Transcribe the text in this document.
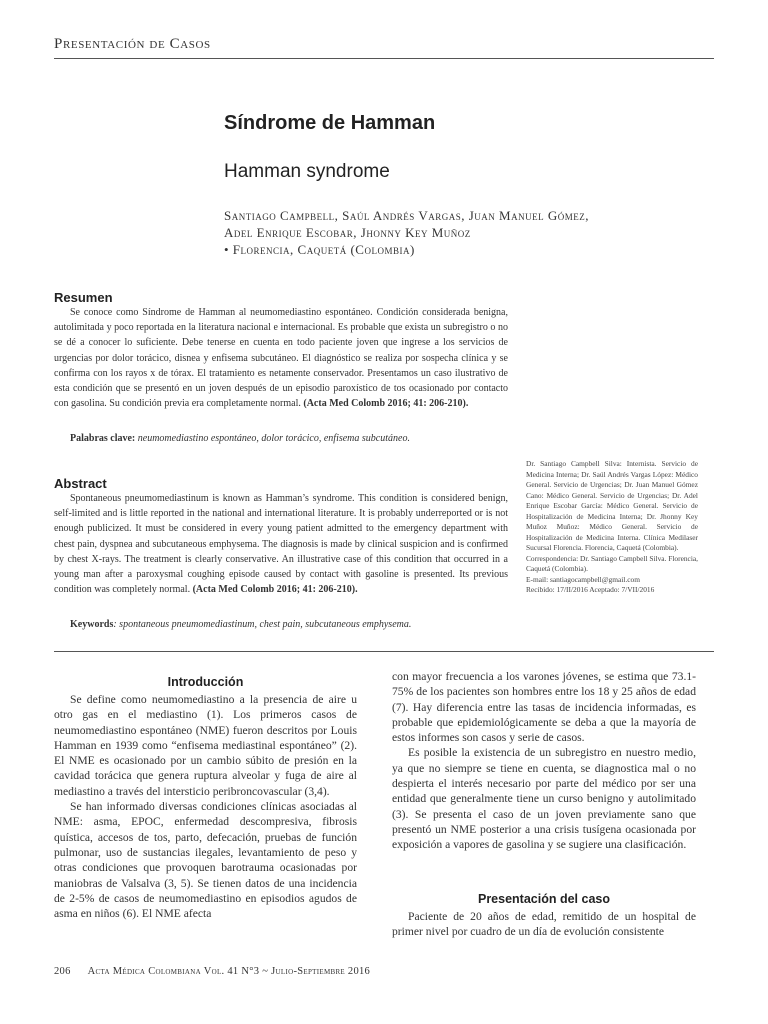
Presentación de Casos
Síndrome de Hamman
Hamman syndrome
Santiago Campbell, Saúl Andrés Vargas, Juan Manuel Gómez,
Adel Enrique Escobar, Jhonny Key Muñoz
• Florencia, Caquetá (Colombia)
Resumen

Se conoce como Síndrome de Hamman al neumomediastino espontáneo. Condición considerada benigna, autolimitada y poco reportada en la literatura nacional e internacional. Es probable que exista un subregistro o no se dé a conocer lo suficiente. Debe tenerse en cuenta en todo paciente joven que ingrese a los servicios de urgencias por dolor torácico, disnea y enfisema subcutáneo. El diagnóstico se realiza por sospecha clínica y se confirma con los rayos x de tórax. El tratamiento es netamente conservador. Presentamos un caso ilustrativo de esta condición que se presentó en un joven después de un episodio paroxístico de tos ocasionado por contacto con gasolina. Su condición previa era completamente normal. (Acta Med Colomb 2016; 41: 206-210).

Palabras clave: neumomediastino espontáneo, dolor torácico, enfisema subcutáneo.
Abstract

Spontaneous pneumomediastinum is known as Hamman’s syndrome. This condition is considered benign, self-limited and is little reported in the national and international literature. It is probably underreported or is not enough publicized. It must be considered in every young patient admitted to the emergency department with chest pain, dyspnea and subcutaneous emphysema. The diagnosis is made by clinical suspicion and is confirmed by chest X-rays. The treatment is clearly conservative. An illustrative case of this condition that occurred in a young man after a paroxysmal coughing episode caused by contact with gasoline is presented. Its previous condition was completely normal. (Acta Med Colomb 2016; 41: 206-210).

Keywords: spontaneous pneumomediastinum, chest pain, subcutaneous emphysema.
Dr. Santiago Campbell Silva: Internista. Servicio de Medicina Interna; Dr. Saúl Andrés Vargas López: Médico General. Servicio de Urgencias; Dr. Juan Manuel Gómez Cano: Médico General. Servicio de Urgencias; Dr. Adel Enrique Escobar García: Médico General. Servicio de Hospitalización de Medicina Interna; Dr. Jhonny Key Muñoz Muñoz: Médico General. Servicio de Hospitalización de Medicina Interna. Clínica Medilaser Sucursal Florencia. Florencia, Caquetá (Colombia).
Correspondencia: Dr. Santiago Campbell Silva. Florencia, Caquetá (Colombia).
E-mail: santiagocampbell@gmail.com
Recibido: 17/II/2016 Aceptado: 7/VII/2016
Introducción

Se define como neumomediastino a la presencia de aire u otro gas en el mediastino (1). Los primeros casos de neumomediastino espontáneo (NME) fueron descritos por Louis Hamman en 1939 como “enfisema mediastinal espontáneo” (2). El NME es ocasionado por un cambio súbito de presión en la cavidad torácica que genera ruptura alveolar y fuga de aire al mediastino a través del intersticio peribroncovascular (3,4).

Se han informado diversas condiciones clínicas asociadas al NME: asma, EPOC, enfermedad descompresiva, fibrosis quística, accesos de tos, parto, defecación, pruebas de función pulmonar, uso de sustancias ilegales, levantamiento de peso y otras condiciones que provoquen barotrauma ocasionadas por maniobras de Valsalva (3, 5). Se tienen datos de una incidencia de 2-5% de casos de neumomediastino en episodios agudos de asma en niños (6). El NME afecta

con mayor frecuencia a los varones jóvenes, se estima que 73.1-75% de los pacientes son hombres entre los 18 y 25 años de edad (7). Hay diferencia entre las tasas de incidencia informadas, es probable que epidemiológicamente se deba a que la mayoría de estos informes son casos y serie de casos.

Es posible la existencia de un subregistro en nuestro medio, ya que no siempre se tiene en cuenta, se diagnostica mal o no despierta el interés necesario por parte del médico por ser una entidad que generalmente tiene un curso benigno y autolimitado (3). Se presenta el caso de un joven previamente sano que presentó un NME posterior a una crisis tusígena ocasionada por exposición a vapores de gasolina y se sugiere una clasificación.

Presentación del caso

Paciente de 20 años de edad, remitido de un hospital de primer nivel por cuadro de un día de evolución consistente

206 Acta Médica Colombiana Vol. 41 N°3 ~ Julio-Septiembre 2016
